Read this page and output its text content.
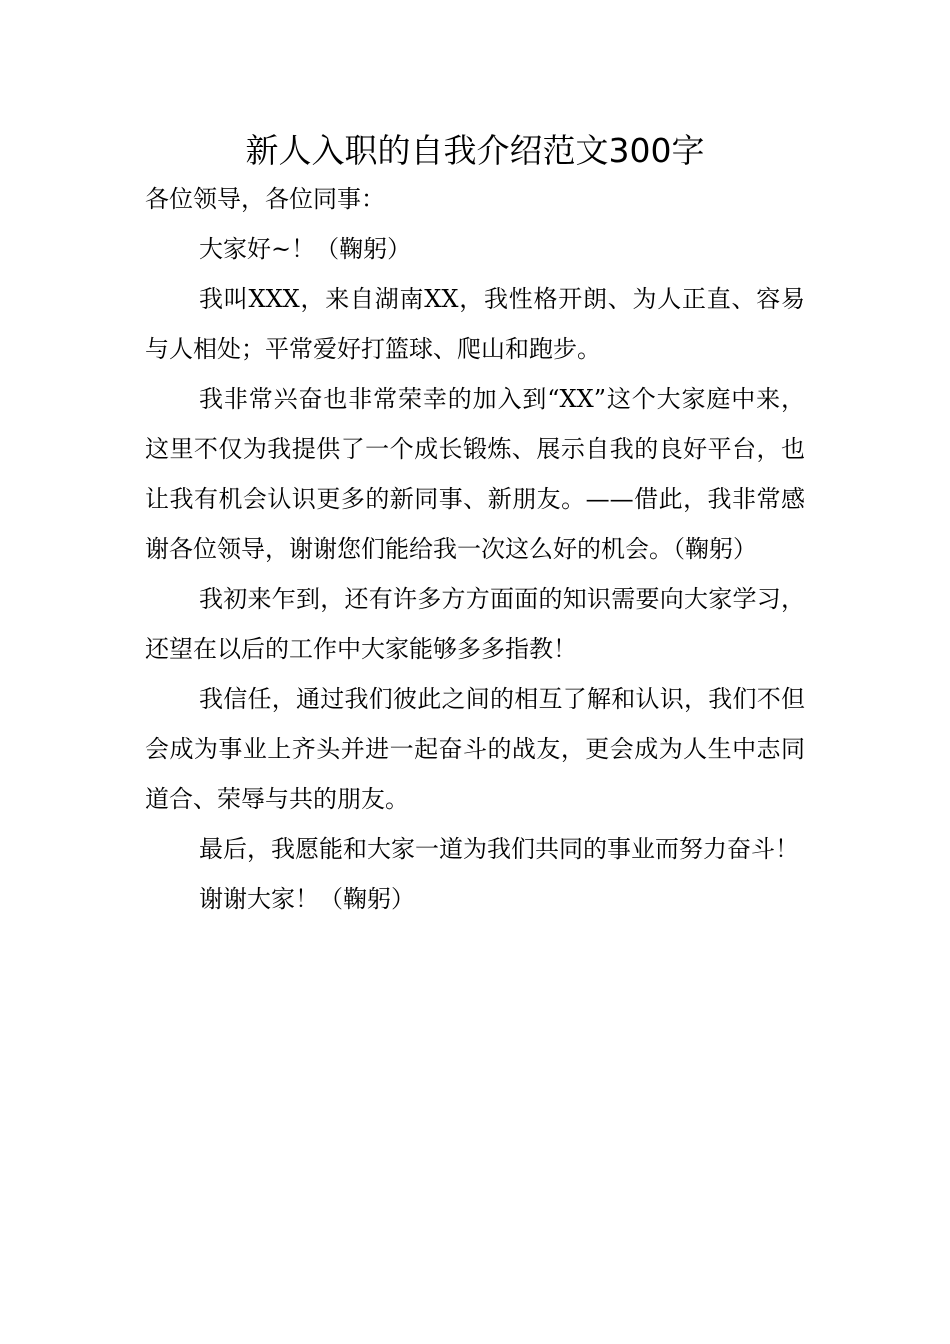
新人入职的自我介绍范文300字

各位领导，各位同事：

大家好~！（鞠躬）

我叫XXX，来自湖南XX，我性格开朗、为人正直、容易与人相处；平常爱好打篮球、爬山和跑步。

我非常兴奋也非常荣幸的加入到“XX”这个大家庭中来，这里不仅为我提供了一个成长锻炼、展示自我的良好平台，也让我有机会认识更多的新同事、新朋友。——借此，我非常感谢各位领导，谢谢您们能给我一次这么好的机会。（鞠躬）

我初来乍到，还有许多方方面面的知识需要向大家学习，还望在以后的工作中大家能够多多指教！

我信任，通过我们彼此之间的相互了解和认识，我们不但会成为事业上齐头并进一起奋斗的战友，更会成为人生中志同道合、荣辱与共的朋友。

最后，我愿能和大家一道为我们共同的事业而努力奋斗！

谢谢大家！（鞠躬）
